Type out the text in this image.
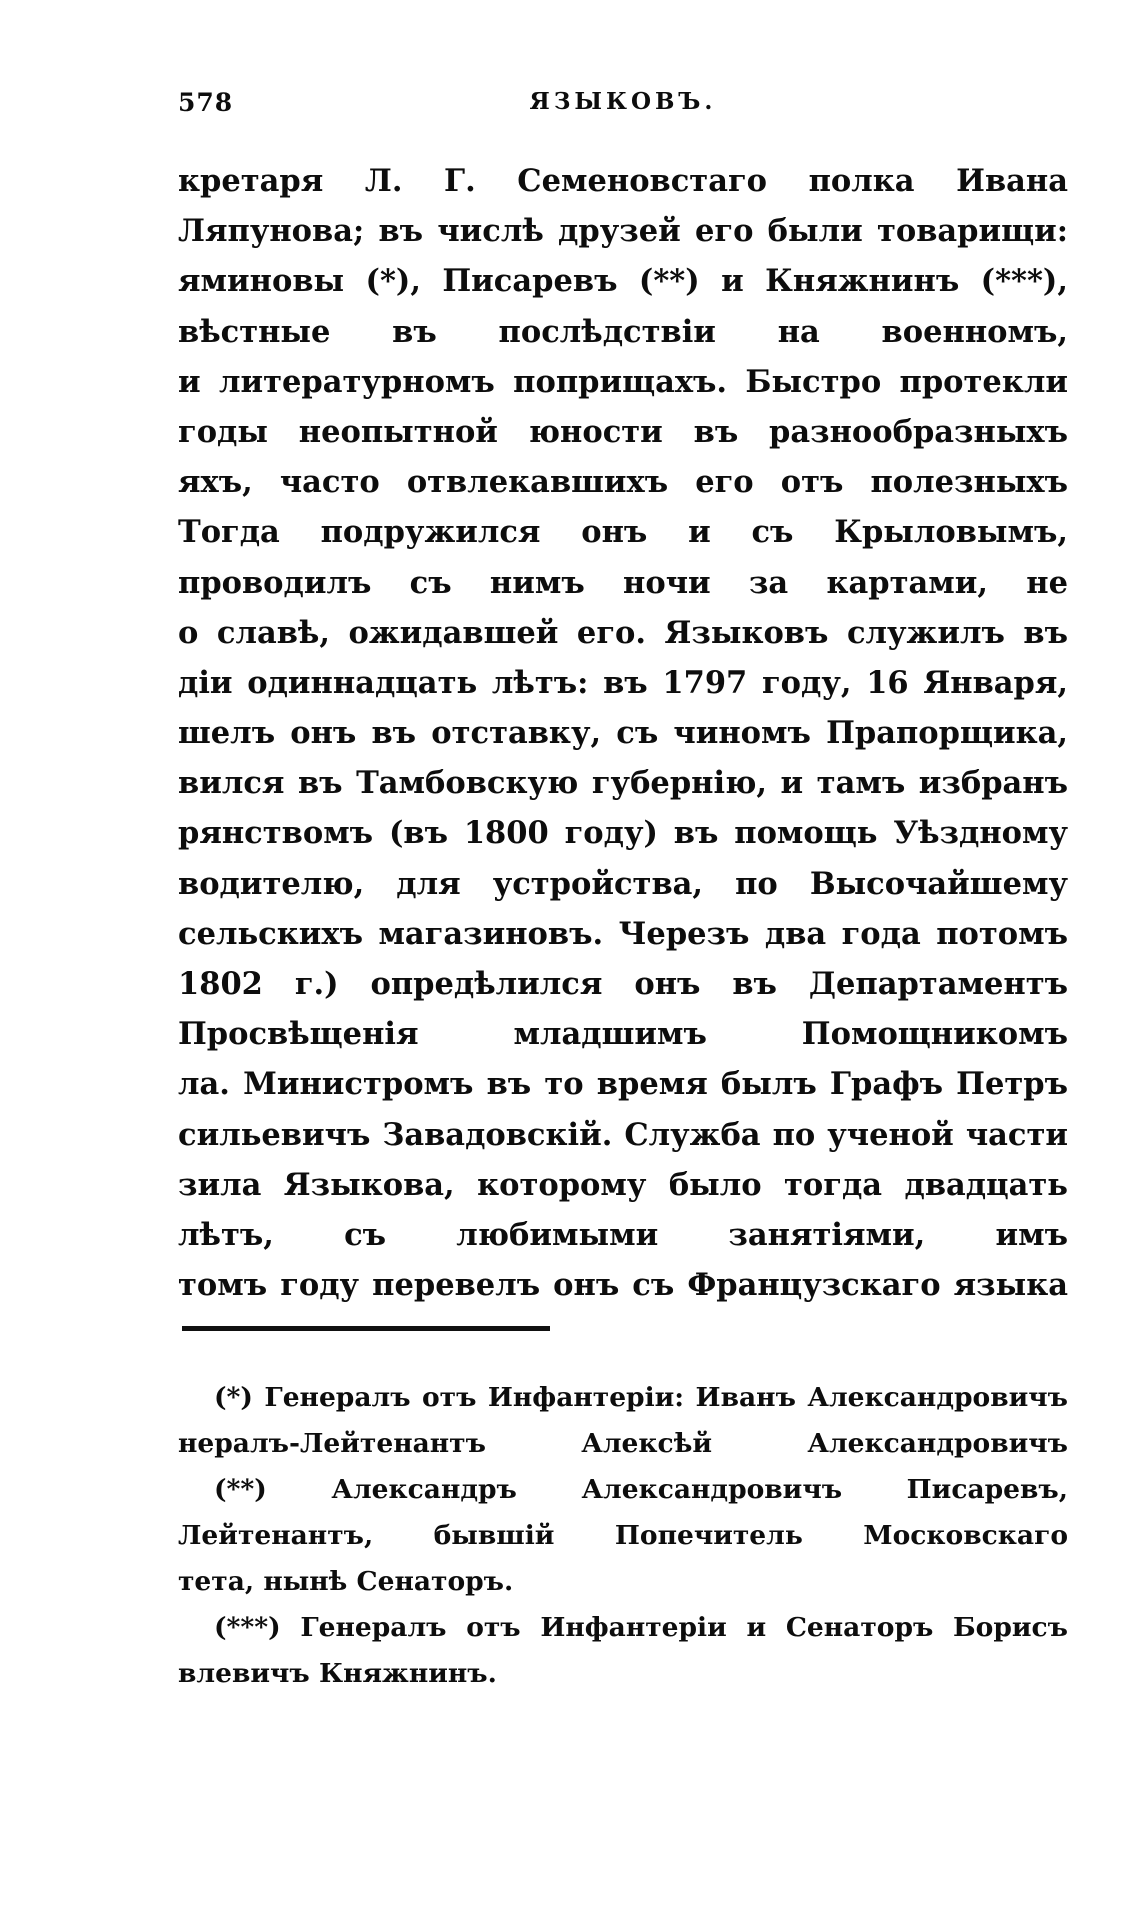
578	ЯЗЫКОВЪ.
кретаря Л. Г. Семеновстаго полка Ивана
Ляпунова; въ числѣ друзей его были товарищи:
яминовы (*), Писаревъ (**) и Княжнинъ (***),
вѣстные въ послѣдствіи на военномъ,
и литературномъ поприщахъ. Быстро протекли
годы неопытной юности въ разнообразныхъ
яхъ, часто отвлекавшихъ его отъ полезныхъ
Тогда подружился онъ и съ Крыловымъ,
проводилъ съ нимъ ночи за картами, не
о славѣ, ожидавшей его. Языковъ служилъ въ
діи одиннадцать лѣтъ: въ 1797 году, 16 Января,
шелъ онъ въ отставку, съ чиномъ Прапорщика,
вился въ Тамбовскую губернію, и тамъ избранъ
рянствомъ (въ 1800 году) въ помощь Уѣздному
водителю, для устройства, по Высочайшему
сельскихъ магазиновъ. Черезъ два года потомъ
1802 г.) опредѣлился онъ въ Департаментъ
Просвѣщенія младшимъ Помощникомъ
ла. Министромъ въ то время былъ Графъ Петръ
сильевичъ Завадовскій. Служба по ученой части
зила Языкова, которому было тогда двадцать
лѣтъ, съ любимыми занятіями, имъ
томъ году перевелъ онъ съ Французскаго языка
(*) Генералъ отъ Инфантеріи: Иванъ Александровичъ
нералъ-Лейтенантъ Алексѣй Александровичъ
(**) Александръ Александровичъ Писаревъ,
Лейтенантъ, бывшій Попечитель Московскаго
тета, нынѣ Сенаторъ.
(***) Генералъ отъ Инфантеріи и Сенаторъ Борисъ
влевичъ Княжнинъ.
